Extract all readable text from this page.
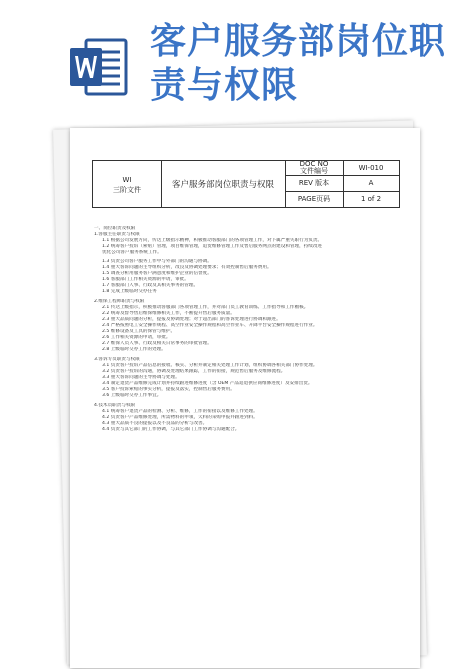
客户服务部岗位职
责与权限
WI
三阶文件	客户服务部岗位职责与权限
DOC NO
文件编号
REV 版本
PAGE页码
WI-010
A
1 of 2
一、岗位职责及权限
1.客服主任职责与权限
1.1 根据公司发展方向，传达上级指示精神，积极推动客服部门的各项管理工作，对下属严重失职行为负责。
1.2 统筹客户投诉（索赔）管理，项目维保管理，追货维修管理工作及售后服务网点的建设和管理，持续改进
优化公司客户服务系统工作。
1.3 负责公司客户服务工作中与外部门的沟通与协调。
1.4 重大客诉问题的主导组织分析，改良及协调处理要求；有效控制售后服务费用。
1.5 调查分析用服务客户满意度和维护企业的信誉度。
1.6 客服部门工作相关资源的申请，审批。
1.7 客服部门人事、行政及其相关事务的管理。
1.8 完成上级临时交办任务
2.维保工程师职责与权限
2.1 传达上级指示，积极推动客服部门各项管理工作，并对部门员工教育训练、工作指导和工作稽核。
2.2 统筹及督导售后维保维修相关工作，不断提升售后服务质量。
2.3 重大品质问题的分析，提报及协调处理；对于超出部门的客诉处理进行协调和跟进。
2.4 严格按照电工安全操作规程、高空作业安全操作规程和高空作业车、升降平台安全操作规程进行作业。
2.5 维修设备及工具的保管与维护。
2.6 工作相关资源的申请，审批。
2.7 维保人员人事、行政及相关日常事务的审批管理。
2.8 上级临时交办工作的处理。
3.客诉专员职责与权限
3.1 负责客户投诉产品信息的接收、核实、分析并制定相关处理工作计划，组织协调各相关部门协作处理。
3.2 负责客户投诉的沟通，协调及处理结果跟踪，工作的衔接，规范售后服务及维修流程。
3.3 重大客诉问题的主导协调与处理。
3.4 制定退货产品维修完成计划并持续跟进维修进度（含 OEM 产品追退供应商维修进度）及安排出货。
3.5 客户投诉索赔的事实分析，提报及落实，控制售后服务费用。
3.6 上级临时交办工作事宜。
4.技术员职责与权限
4.1 统筹客户退货产品的检测、分析、维修，工作的衔接以及维修工作处理。
4.2 负责客户产品维修处理，所需物料的申领，欠料的采购申报并跟进到料。
4.3 重大品质不良的提报以及不良品的分析与改善。
4.4 负责与其它部门的工作协调，与其它部门工作协调与沟通配合。
